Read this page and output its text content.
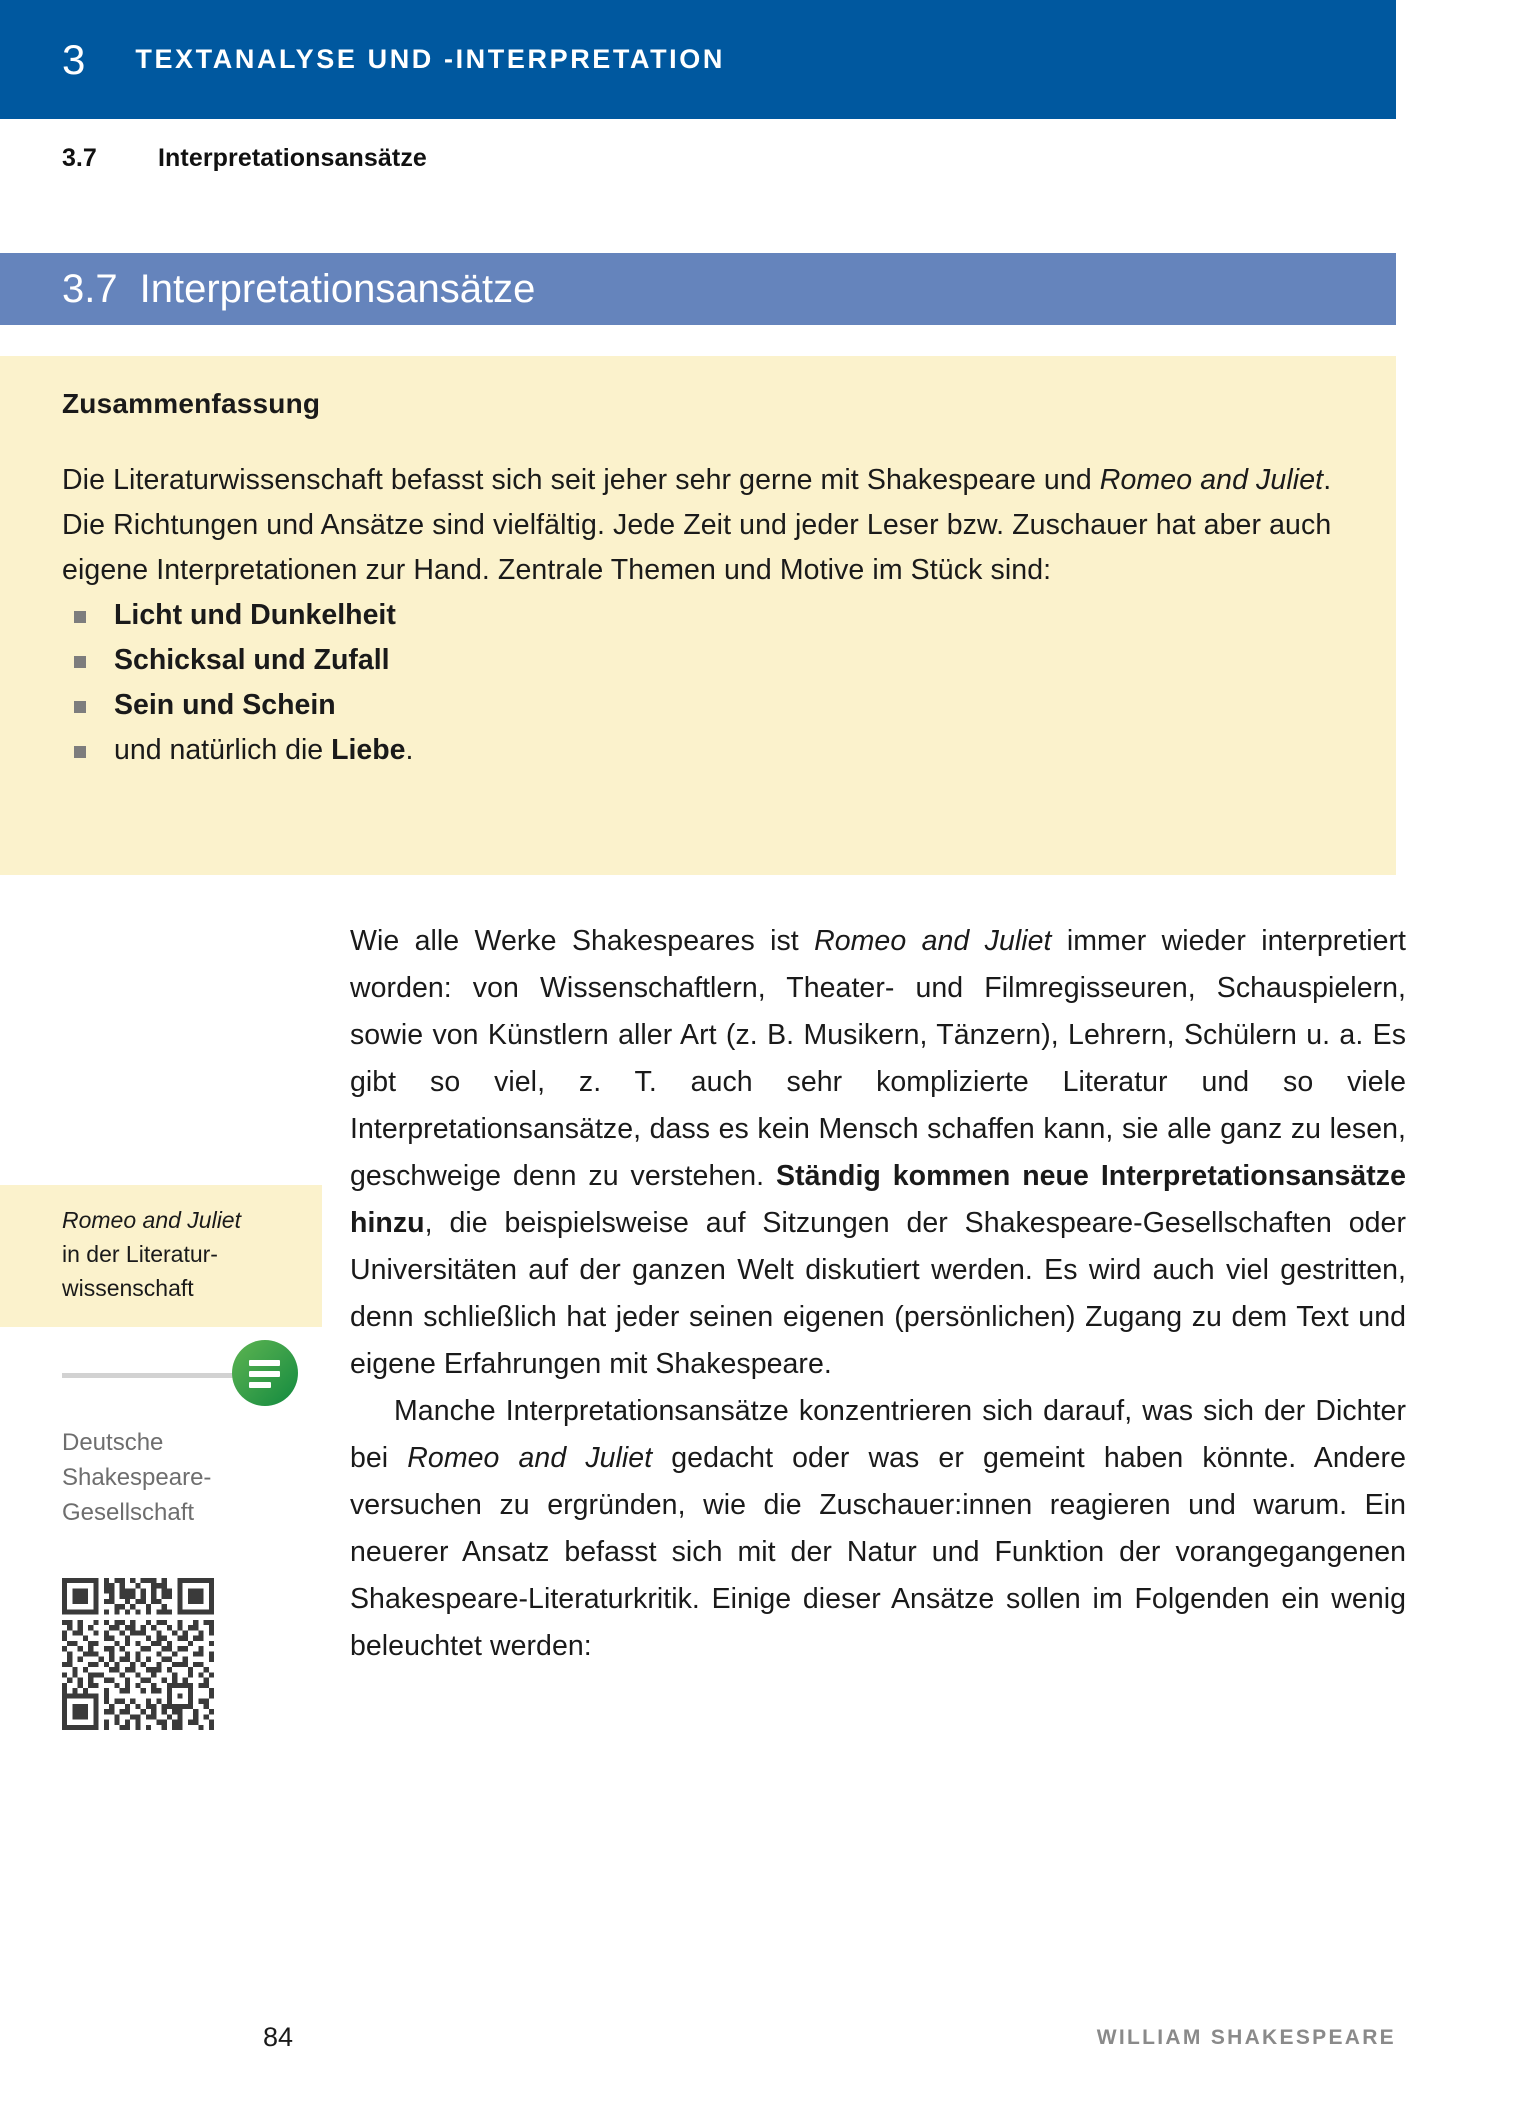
3 TEXTANALYSE UND -INTERPRETATION
3.7	Interpretationsansätze
3.7 Interpretationsansätze
Zusammenfassung

Die Literaturwissenschaft befasst sich seit jeher sehr gerne mit Shakespeare und Romeo and Juliet. Die Richtungen und Ansätze sind vielfältig. Jede Zeit und jeder Leser bzw. Zuschauer hat aber auch eigene Interpretationen zur Hand. Zentrale Themen und Motive im Stück sind:

Licht und Dunkelheit
Schicksal und Zufall
Sein und Schein
und natürlich die Liebe.
Romeo and Juliet
in der Literatur-
wissenschaft
Deutsche
Shakespeare-
Gesellschaft

Wie alle Werke Shakespeares ist Romeo and Juliet immer wieder interpretiert worden: von Wissenschaftlern, Theater- und Filmregisseuren, Schauspielern, sowie von Künstlern aller Art (z. B. Musikern, Tänzern), Lehrern, Schülern u. a. Es gibt so viel, z. T. auch sehr komplizierte Literatur und so viele Interpretationsansätze, dass es kein Mensch schaffen kann, sie alle ganz zu lesen, geschweige denn zu verstehen. Ständig kommen neue Interpretationsansätze hinzu, die beispielsweise auf Sitzungen der Shakespeare-Gesellschaften oder Universitäten auf der ganzen Welt diskutiert werden. Es wird auch viel gestritten, denn schließlich hat jeder seinen eigenen (persönlichen) Zugang zu dem Text und eigene Erfahrungen mit Shakespeare.

Manche Interpretationsansätze konzentrieren sich darauf, was sich der Dichter bei Romeo and Juliet gedacht oder was er gemeint haben könnte. Andere versuchen zu ergründen, wie die Zuschauer:innen reagieren und warum. Ein neuerer Ansatz befasst sich mit der Natur und Funktion der vorangegangenen Shakespeare-Literaturkritik. Einige dieser Ansätze sollen im Folgenden ein wenig beleuchtet werden:

84	WILLIAM SHAKESPEARE
